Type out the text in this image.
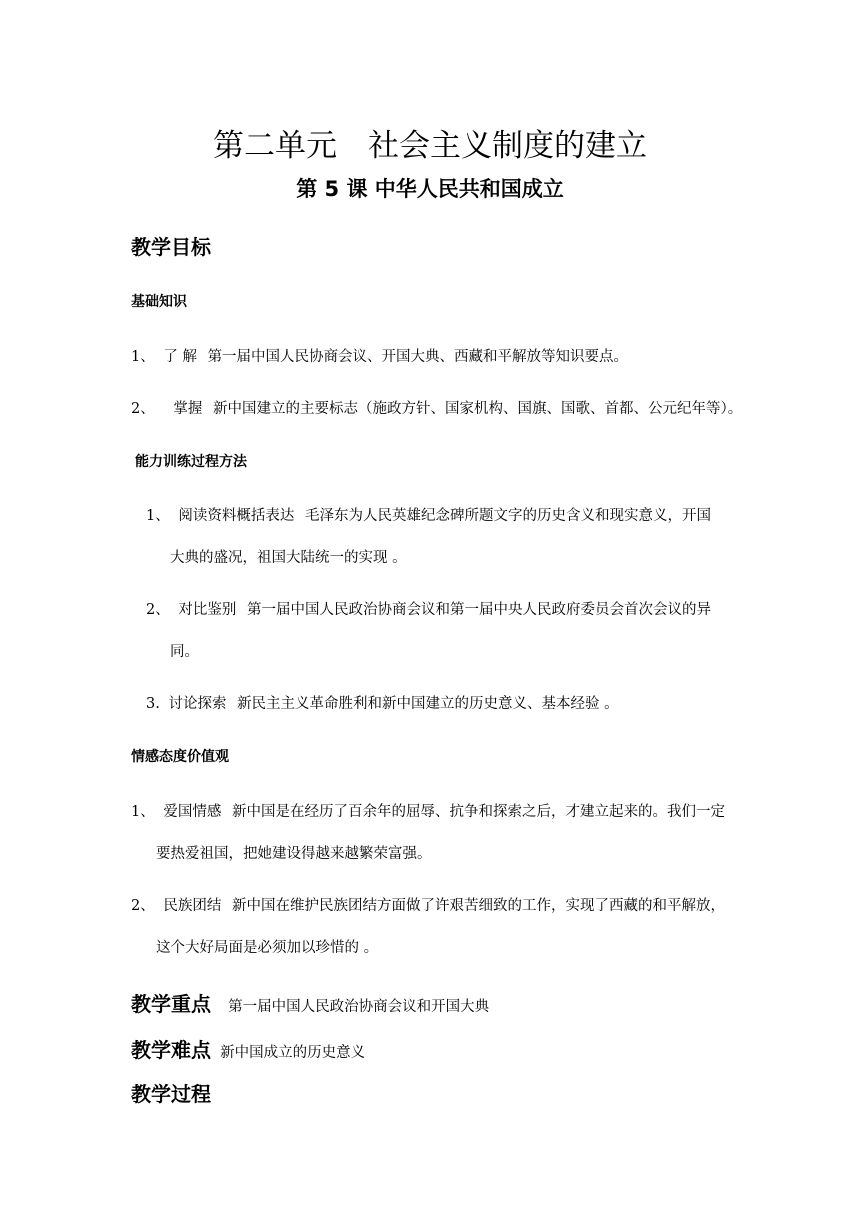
第二单元　社会主义制度的建立
第 5 课 中华人民共和国成立
教学目标
基础知识
1、 了 解 第一届中国人民协商会议、开国大典、西藏和平解放等知识要点。
2、 掌握 新中国建立的主要标志（施政方针、国家机构、国旗、国歌、首都、公元纪年等）。
能力训练过程方法
1、 阅读资料概括表达 毛泽东为人民英雄纪念碑所题文字的历史含义和现实意义，开国
大典的盛况，祖国大陆统一的实现 。
2、 对比鉴别 第一届中国人民政治协商会议和第一届中央人民政府委员会首次会议的异
同。
3. 讨论探索 新民主主义革命胜利和新中国建立的历史意义、基本经验 。
情感态度价值观
1、 爱国情感 新中国是在经历了百余年的屈辱、抗争和探索之后，才建立起来的。我们一定
要热爱祖国，把她建设得越来越繁荣富强。
2、 民族团结 新中国在维护民族团结方面做了许艰苦细致的工作，实现了西藏的和平解放，
这个大好局面是必须加以珍惜的 。
教学重点 第一届中国人民政治协商会议和开国大典
教学难点 新中国成立的历史意义
教学过程
